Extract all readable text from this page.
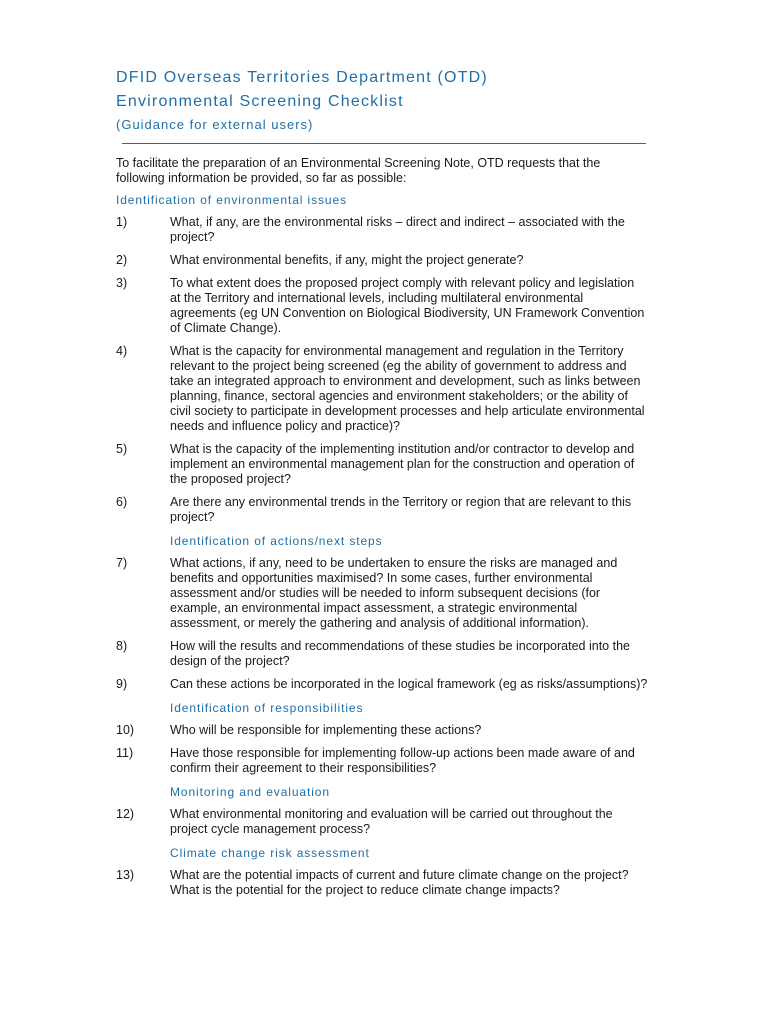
DFID Overseas Territories Department (OTD)
Environmental Screening Checklist
(Guidance for external users)

To facilitate the preparation of an Environmental Screening Note, OTD requests that the following information be provided, so far as possible:

Identification of environmental issues
1)	What, if any, are the environmental risks – direct and indirect – associated with the project?
2)	What environmental benefits, if any, might the project generate?
3)	To what extent does the proposed project comply with relevant policy and legislation at the Territory and international levels, including multilateral environmental agreements (eg UN Convention on Biological Biodiversity, UN Framework Convention of Climate Change).
4)	What is the capacity for environmental management and regulation in the Territory relevant to the project being screened (eg the ability of government to address and take an integrated approach to environment and development, such as links between planning, finance, sectoral agencies and environment stakeholders; or the ability of civil society to participate in development processes and help articulate environmental needs and influence policy and practice)?
5)	What is the capacity of the implementing institution and/or contractor to develop and implement an environmental management plan for the construction and operation of the proposed project?
6)	Are there any environmental trends in the Territory or region that are relevant to this project?
Identification of actions/next steps
7)	What actions, if any, need to be undertaken to ensure the risks are managed and benefits and opportunities maximised? In some cases, further environmental assessment and/or studies will be needed to inform subsequent decisions (for example, an environmental impact assessment, a strategic environmental assessment, or merely the gathering and analysis of additional information).
8)	How will the results and recommendations of these studies be incorporated into the design of the project?
9)	Can these actions be incorporated in the logical framework (eg as risks/assumptions)?
Identification of responsibilities
10)	Who will be responsible for implementing these actions?
11)	Have those responsible for implementing follow-up actions been made aware of and confirm their agreement to their responsibilities?
Monitoring and evaluation
12)	What environmental monitoring and evaluation will be carried out throughout the project cycle management process?
Climate change risk assessment
13)	What are the potential impacts of current and future climate change on the project? What is the potential for the project to reduce climate change impacts?
